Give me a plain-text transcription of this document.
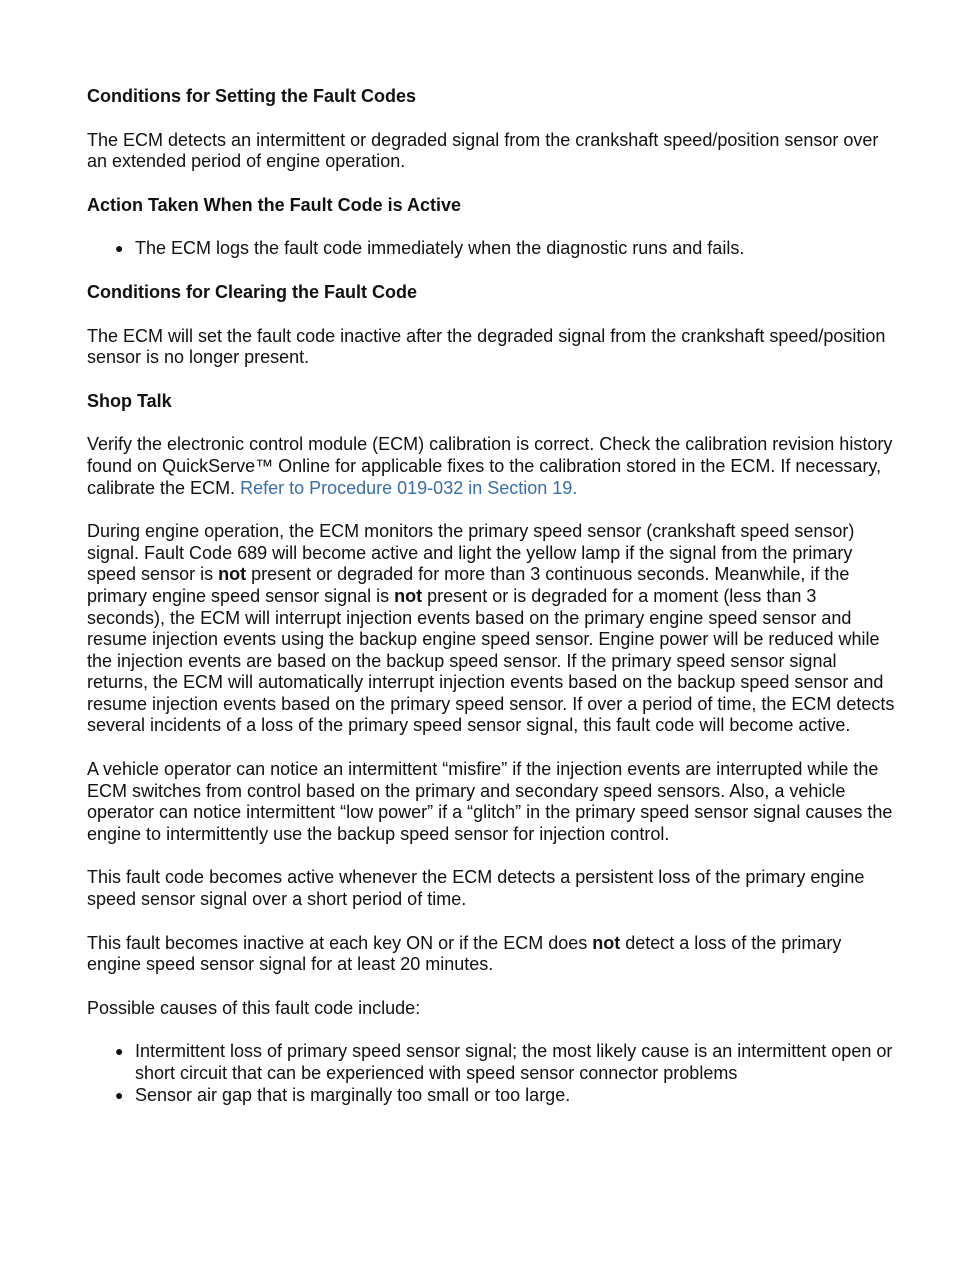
Conditions for Setting the Fault Codes

The ECM detects an intermittent or degraded signal from the crankshaft speed/position sensor over an extended period of engine operation.

Action Taken When the Fault Code is Active
● The ECM logs the fault code immediately when the diagnostic runs and fails.
Conditions for Clearing the Fault Code

The ECM will set the fault code inactive after the degraded signal from the crankshaft speed/position sensor is no longer present.

Shop Talk

Verify the electronic control module (ECM) calibration is correct. Check the calibration revision history found on QuickServe™ Online for applicable fixes to the calibration stored in the ECM. If necessary, calibrate the ECM. Refer to Procedure 019-032 in Section 19.

During engine operation, the ECM monitors the primary speed sensor (crankshaft speed sensor) signal. Fault Code 689 will become active and light the yellow lamp if the signal from the primary speed sensor is not present or degraded for more than 3 continuous seconds. Meanwhile, if the primary engine speed sensor signal is not present or is degraded for a moment (less than 3 seconds), the ECM will interrupt injection events based on the primary engine speed sensor and resume injection events using the backup engine speed sensor. Engine power will be reduced while the injection events are based on the backup speed sensor. If the primary speed sensor signal returns, the ECM will automatically interrupt injection events based on the backup speed sensor and resume injection events based on the primary speed sensor. If over a period of time, the ECM detects several incidents of a loss of the primary speed sensor signal, this fault code will become active.

A vehicle operator can notice an intermittent “misfire” if the injection events are interrupted while the ECM switches from control based on the primary and secondary speed sensors. Also, a vehicle operator can notice intermittent “low power” if a “glitch” in the primary speed sensor signal causes the engine to intermittently use the backup speed sensor for injection control.

This fault code becomes active whenever the ECM detects a persistent loss of the primary engine speed sensor signal over a short period of time.

This fault becomes inactive at each key ON or if the ECM does not detect a loss of the primary engine speed sensor signal for at least 20 minutes.

Possible causes of this fault code include:

● Intermittent loss of primary speed sensor signal; the most likely cause is an intermittent open or short circuit that can be experienced with speed sensor connector problems
● Sensor air gap that is marginally too small or too large.
